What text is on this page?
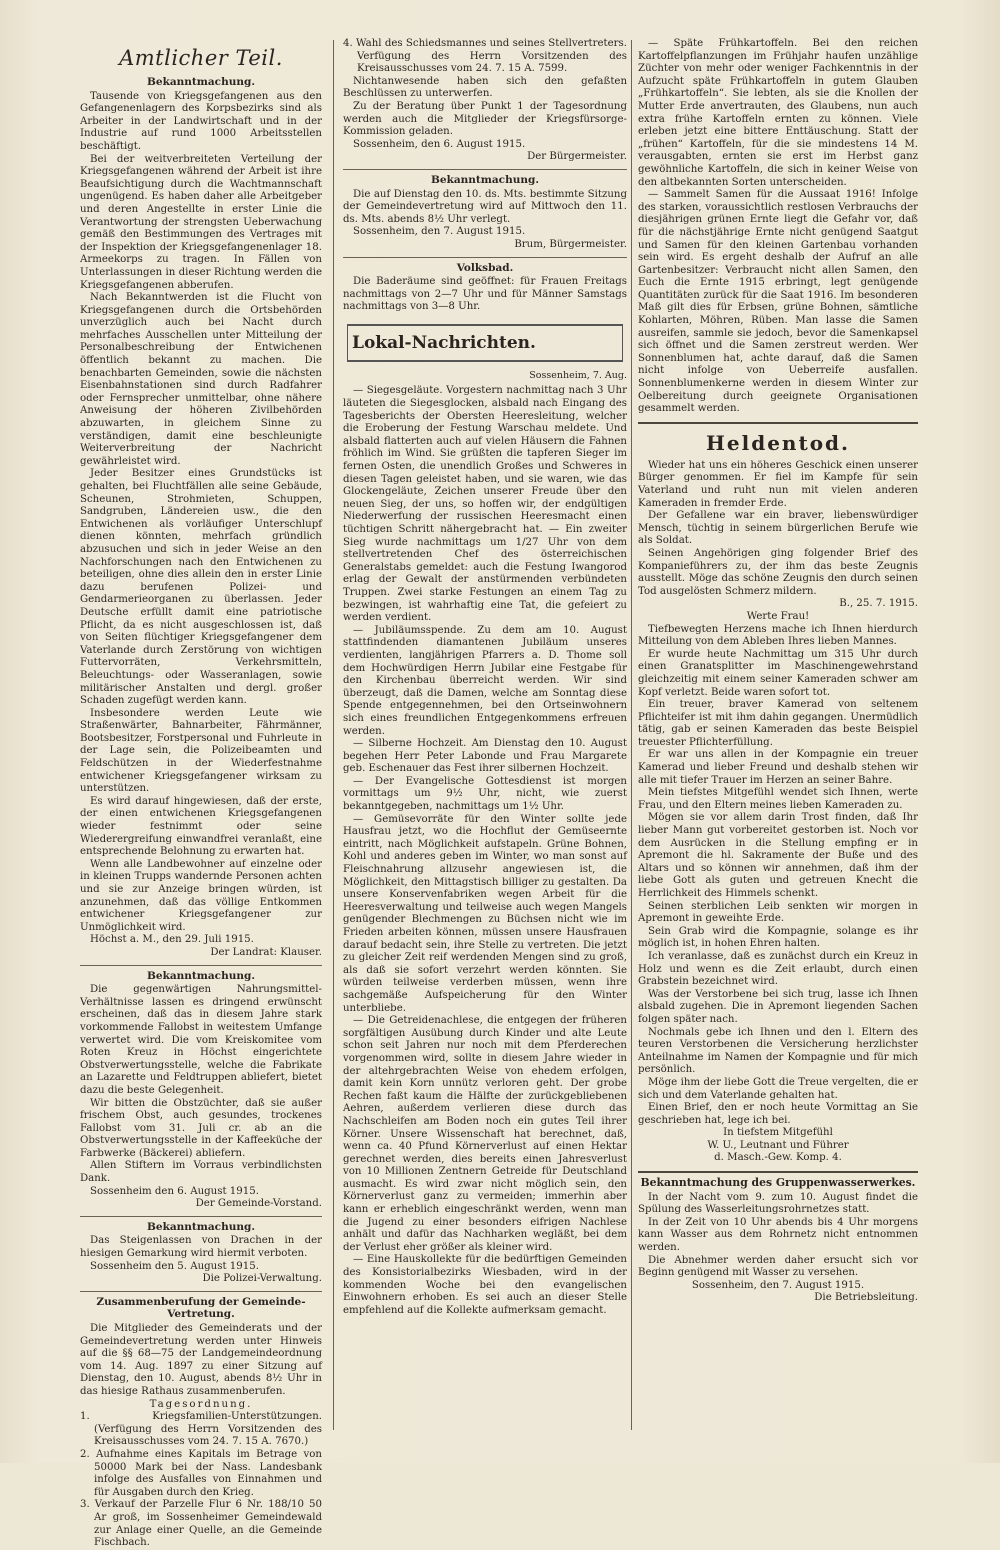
Amtlicher Teil.
Bekanntmachung.

Tausende von Kriegsgefangenen aus den Gefangenenlagern des Korpsbezirks sind als Arbeiter in der Landwirtschaft und in der Industrie auf rund 1000 Arbeitsstellen beschäftigt.

Bei der weitverbreiteten Verteilung der Kriegsgefangenen während der Arbeit ist ihre Beaufsichtigung durch die Wachtmannschaft ungenügend. Es haben daher alle Arbeitgeber und deren Angestellte in erster Linie die Verantwortung der strengsten Ueberwachung gemäß den Bestimmungen des Vertrages mit der Inspektion der Kriegsgefangenenlager 18. Armeekorps zu tragen. In Fällen von Unterlassungen in dieser Richtung werden die Kriegsgefangenen abberufen.

Nach Bekanntwerden ist die Flucht von Kriegsgefangenen durch die Ortsbehörden unverzüglich auch bei Nacht durch mehrfaches Ausschellen unter Mitteilung der Personalbeschreibung der Entwichenen öffentlich bekannt zu machen. Die benachbarten Gemeinden, sowie die nächsten Eisenbahnstationen sind durch Radfahrer oder Fernsprecher unmittelbar, ohne nähere Anweisung der höheren Zivilbehörden abzuwarten, in gleichem Sinne zu verständigen, damit eine beschleunigte Weiterverbreitung der Nachricht gewährleistet wird.

Jeder Besitzer eines Grundstücks ist gehalten, bei Fluchtfällen alle seine Gebäude, Scheunen, Strohmieten, Schuppen, Sandgruben, Ländereien usw., die den Entwichenen als vorläufiger Unterschlupf dienen könnten, mehrfach gründlich abzusuchen und sich in jeder Weise an den Nachforschungen nach den Entwichenen zu beteiligen, ohne dies allein den in erster Linie dazu berufenen Polizei- und Gendarmerieorganen zu überlassen. Jeder Deutsche erfüllt damit eine patriotische Pflicht, da es nicht ausgeschlossen ist, daß von Seiten flüchtiger Kriegsgefangener dem Vaterlande durch Zerstörung von wichtigen Futtervorräten, Verkehrsmitteln, Beleuchtungs- oder Wasseranlagen, sowie militärischer Anstalten und dergl. großer Schaden zugefügt werden kann.

Insbesondere werden Leute wie Straßenwärter, Bahnarbeiter, Fährmänner, Bootsbesitzer, Forstpersonal und Fuhrleute in der Lage sein, die Polizeibeamten und Feldschützen in der Wiederfestnahme entwichener Kriegsgefangener wirksam zu unterstützen.

Es wird darauf hingewiesen, daß der erste, der einen entwichenen Kriegsgefangenen wieder festnimmt oder seine Wiederergreifung einwandfrei veranlaßt, eine entsprechende Belohnung zu erwarten hat.

Wenn alle Landbewohner auf einzelne oder in kleinen Trupps wandernde Personen achten und sie zur Anzeige bringen würden, ist anzunehmen, daß das völlige Entkommen entwichener Kriegsgefangener zur Unmöglichkeit wird.

Höchst a. M., den 29. Juli 1915.

Der Landrat: Klauser.

Bekanntmachung.

Die gegenwärtigen Nahrungsmittel-Verhältnisse lassen es dringend erwünscht erscheinen, daß das in diesem Jahre stark vorkommende Fallobst in weitestem Umfange verwertet wird. Die vom Kreiskomitee vom Roten Kreuz in Höchst eingerichtete Obstverwertungsstelle, welche die Fabrikate an Lazarette und Feldtruppen abliefert, bietet dazu die beste Gelegenheit.

Wir bitten die Obstzüchter, daß sie außer frischem Obst, auch gesundes, trockenes Fallobst vom 31. Juli cr. ab an die Obstverwertungsstelle in der Kaffeeküche der Farbwerke (Bäckerei) abliefern.

Allen Stiftern im Vorraus verbindlichsten Dank.

Sossenheim den 6. August 1915.

Der Gemeinde-Vorstand.

Bekanntmachung.

Das Steigenlassen von Drachen in der hiesigen Gemarkung wird hiermit verboten.

Sossenheim den 5. August 1915.

Die Polizei-Verwaltung.

Zusammenberufung der Gemeinde-Vertretung.

Die Mitglieder des Gemeinderats und der Gemeindevertretung werden unter Hinweis auf die §§ 68—75 der Landgemeindeordnung vom 14. Aug. 1897 zu einer Sitzung auf Dienstag, den 10. August, abends 8½ Uhr in das hiesige Rathaus zusammenberufen.

Tagesordnung.

1. Kriegsfamilien-Unterstützungen. (Verfügung des Herrn Vorsitzenden des Kreisausschusses vom 24. 7. 15 A. 7670.)

2. Aufnahme eines Kapitals im Betrage von 50000 Mark bei der Nass. Landesbank infolge des Ausfalles von Einnahmen und für Ausgaben durch den Krieg.

3. Verkauf der Parzelle Flur 6 Nr. 188/10 50 Ar groß, im Sossenheimer Gemeindewald zur Anlage einer Quelle, an die Gemeinde Fischbach.

4. Wahl des Schiedsmannes und seines Stellvertreters. Verfügung des Herrn Vorsitzenden des Kreisausschusses vom 24. 7. 15 A. 7599.

Nichtanwesende haben sich den gefaßten Beschlüssen zu unterwerfen.

Zu der Beratung über Punkt 1 der Tagesordnung werden auch die Mitglieder der Kriegsfürsorge-Kommission geladen.

Sossenheim, den 6. August 1915.

Der Bürgermeister.

Bekanntmachung.

Die auf Dienstag den 10. ds. Mts. bestimmte Sitzung der Gemeindevertretung wird auf Mittwoch den 11. ds. Mts. abends 8½ Uhr verlegt.

Sossenheim, den 7. August 1915.

Brum, Bürgermeister.

Volksbad.

Die Baderäume sind geöffnet: für Frauen Freitags nachmittags von 2—7 Uhr und für Männer Samstags nachmittags von 3—8 Uhr.

Lokal-Nachrichten.
Sossenheim, 7. Aug.

— Siegesgeläute. Vorgestern nachmittag nach 3 Uhr läuteten die Siegesglocken, alsbald nach Eingang des Tagesberichts der Obersten Heeresleitung, welcher die Eroberung der Festung Warschau meldete. Und alsbald flatterten auch auf vielen Häusern die Fahnen fröhlich im Wind. Sie grüßten die tapferen Sieger im fernen Osten, die unendlich Großes und Schweres in diesen Tagen geleistet haben, und sie waren, wie das Glockengeläute, Zeichen unserer Freude über den neuen Sieg, der uns, so hoffen wir, der endgültigen Niederwerfung der russischen Heeresmacht einen tüchtigen Schritt nähergebracht hat. — Ein zweiter Sieg wurde nachmittags um 1/27 Uhr von dem stellvertretenden Chef des österreichischen Generalstabs gemeldet: auch die Festung Iwangorod erlag der Gewalt der anstürmenden verbündeten Truppen. Zwei starke Festungen an einem Tag zu bezwingen, ist wahrhaftig eine Tat, die gefeiert zu werden verdient.

— Jubiläumsspende. Zu dem am 10. August stattfindenden diamantenen Jubiläum unseres verdienten, langjährigen Pfarrers a. D. Thome soll dem Hochwürdigen Herrn Jubilar eine Festgabe für den Kirchenbau überreicht werden. Wir sind überzeugt, daß die Damen, welche am Sonntag diese Spende entgegennehmen, bei den Ortseinwohnern sich eines freundlichen Entgegenkommens erfreuen werden.

— Silberne Hochzeit. Am Dienstag den 10. August begehen Herr Peter Labonde und Frau Margarete geb. Eschenauer das Fest ihrer silbernen Hochzeit.

— Der Evangelische Gottesdienst ist morgen vormittags um 9½ Uhr, nicht, wie zuerst bekanntgegeben, nachmittags um 1½ Uhr.

— Gemüsevorräte für den Winter sollte jede Hausfrau jetzt, wo die Hochflut der Gemüseernte eintritt, nach Möglichkeit aufstapeln. Grüne Bohnen, Kohl und anderes geben im Winter, wo man sonst auf Fleischnahrung allzusehr angewiesen ist, die Möglichkeit, den Mittagstisch billiger zu gestalten. Da unsere Konservenfabriken wegen Arbeit für die Heeresverwaltung und teilweise auch wegen Mangels genügender Blechmengen zu Büchsen nicht wie im Frieden arbeiten können, müssen unsere Hausfrauen darauf bedacht sein, ihre Stelle zu vertreten. Die jetzt zu gleicher Zeit reif werdenden Mengen sind zu groß, als daß sie sofort verzehrt werden könnten. Sie würden teilweise verderben müssen, wenn ihre sachgemäße Aufspeicherung für den Winter unterbliebe.

— Die Getreidenachlese, die entgegen der früheren sorgfältigen Ausübung durch Kinder und alte Leute schon seit Jahren nur noch mit dem Pferderechen vorgenommen wird, sollte in diesem Jahre wieder in der altehrgebrachten Weise von ehedem erfolgen, damit kein Korn unnütz verloren geht. Der grobe Rechen faßt kaum die Hälfte der zurückgebliebenen Aehren, außerdem verlieren diese durch das Nachschleifen am Boden noch ein gutes Teil ihrer Körner. Unsere Wissenschaft hat berechnet, daß, wenn ca. 40 Pfund Körnerverlust auf einen Hektar gerechnet werden, dies bereits einen Jahresverlust von 10 Millionen Zentnern Getreide für Deutschland ausmacht. Es wird zwar nicht möglich sein, den Körnerverlust ganz zu vermeiden; immerhin aber kann er erheblich eingeschränkt werden, wenn man die Jugend zu einer besonders eifrigen Nachlese anhält und dafür das Nachharken wegläßt, bei dem der Verlust eher größer als kleiner wird.

— Eine Hauskollekte für die bedürftigen Gemeinden des Konsistorialbezirks Wiesbaden, wird in der kommenden Woche bei den evangelischen Einwohnern erhoben. Es sei auch an dieser Stelle empfehlend auf die Kollekte aufmerksam gemacht.

— Späte Frühkartoffeln. Bei den reichen Kartoffelpflanzungen im Frühjahr haufen unzählige Züchter von mehr oder weniger Fachkenntnis in der Aufzucht späte Frühkartoffeln in gutem Glauben „Frühkartoffeln“. Sie lebten, als sie die Knollen der Mutter Erde anvertrauten, des Glaubens, nun auch extra frühe Kartoffeln ernten zu können. Viele erleben jetzt eine bittere Enttäuschung. Statt der „frühen“ Kartoffeln, für die sie mindestens 14 M. verausgabten, ernten sie erst im Herbst ganz gewöhnliche Kartoffeln, die sich in keiner Weise von den altbekannten Sorten unterscheiden.

— Sammelt Samen für die Aussaat 1916! Infolge des starken, voraussichtlich restlosen Verbrauchs der diesjährigen grünen Ernte liegt die Gefahr vor, daß für die nächstjährige Ernte nicht genügend Saatgut und Samen für den kleinen Gartenbau vorhanden sein wird. Es ergeht deshalb der Aufruf an alle Gartenbesitzer: Verbraucht nicht allen Samen, den Euch die Ernte 1915 erbringt, legt genügende Quantitäten zurück für die Saat 1916. Im besonderen Maß gilt dies für Erbsen, grüne Bohnen, sämtliche Kohlarten, Möhren, Rüben. Man lasse die Samen ausreifen, sammle sie jedoch, bevor die Samenkapsel sich öffnet und die Samen zerstreut werden. Wer Sonnenblumen hat, achte darauf, daß die Samen nicht infolge von Ueberreife ausfallen. Sonnenblumenkerne werden in diesem Winter zur Oelbereitung durch geeignete Organisationen gesammelt werden.

Heldentod.

Wieder hat uns ein höheres Geschick einen unserer Bürger genommen. Er fiel im Kampfe für sein Vaterland und ruht nun mit vielen anderen Kameraden in fremder Erde.

Der Gefallene war ein braver, liebenswürdiger Mensch, tüchtig in seinem bürgerlichen Berufe wie als Soldat.

Seinen Angehörigen ging folgender Brief des Kompanieführers zu, der ihm das beste Zeugnis ausstellt. Möge das schöne Zeugnis den durch seinen Tod ausgelösten Schmerz mildern.

B., 25. 7. 1915.

Werte Frau!

Tiefbewegten Herzens mache ich Ihnen hierdurch Mitteilung von dem Ableben Ihres lieben Mannes.

Er wurde heute Nachmittag um 315 Uhr durch einen Granatsplitter im Maschinengewehrstand gleichzeitig mit einem seiner Kameraden schwer am Kopf verletzt. Beide waren sofort tot.

Ein treuer, braver Kamerad von seltenem Pflichteifer ist mit ihm dahin gegangen. Unermüdlich tätig, gab er seinen Kameraden das beste Beispiel treuester Pflichterfüllung.

Er war uns allen in der Kompagnie ein treuer Kamerad und lieber Freund und deshalb stehen wir alle mit tiefer Trauer im Herzen an seiner Bahre.

Mein tiefstes Mitgefühl wendet sich Ihnen, werte Frau, und den Eltern meines lieben Kameraden zu.

Mögen sie vor allem darin Trost finden, daß Ihr lieber Mann gut vorbereitet gestorben ist. Noch vor dem Ausrücken in die Stellung empfing er in Apremont die hl. Sakramente der Buße und des Altars und so können wir annehmen, daß ihm der liebe Gott als guten und getreuen Knecht die Herrlichkeit des Himmels schenkt.

Seinen sterblichen Leib senkten wir morgen in Apremont in geweihte Erde.

Sein Grab wird die Kompagnie, solange es ihr möglich ist, in hohen Ehren halten.

Ich veranlasse, daß es zunächst durch ein Kreuz in Holz und wenn es die Zeit erlaubt, durch einen Grabstein bezeichnet wird.

Was der Verstorbene bei sich trug, lasse ich Ihnen alsbald zugehen. Die in Apremont liegenden Sachen folgen später nach.

Nochmals gebe ich Ihnen und den l. Eltern des teuren Verstorbenen die Versicherung herzlichster Anteilnahme im Namen der Kompagnie und für mich persönlich.

Möge ihm der liebe Gott die Treue vergelten, die er sich und dem Vaterlande gehalten hat.

Einen Brief, den er noch heute Vormittag an Sie geschrieben hat, lege ich bei.

In tiefstem Mitgefühl

W. U., Leutnant und Führer

d. Masch.-Gew. Komp. 4.

Bekanntmachung des Gruppenwasserwerkes.

In der Nacht vom 9. zum 10. August findet die Spülung des Wasserleitungsrohrnetzes statt.

In der Zeit von 10 Uhr abends bis 4 Uhr morgens kann Wasser aus dem Rohrnetz nicht entnommen werden.

Die Abnehmer werden daher ersucht sich vor Beginn genügend mit Wasser zu versehen.

Sossenheim, den 7. August 1915.

Die Betriebsleitung.
